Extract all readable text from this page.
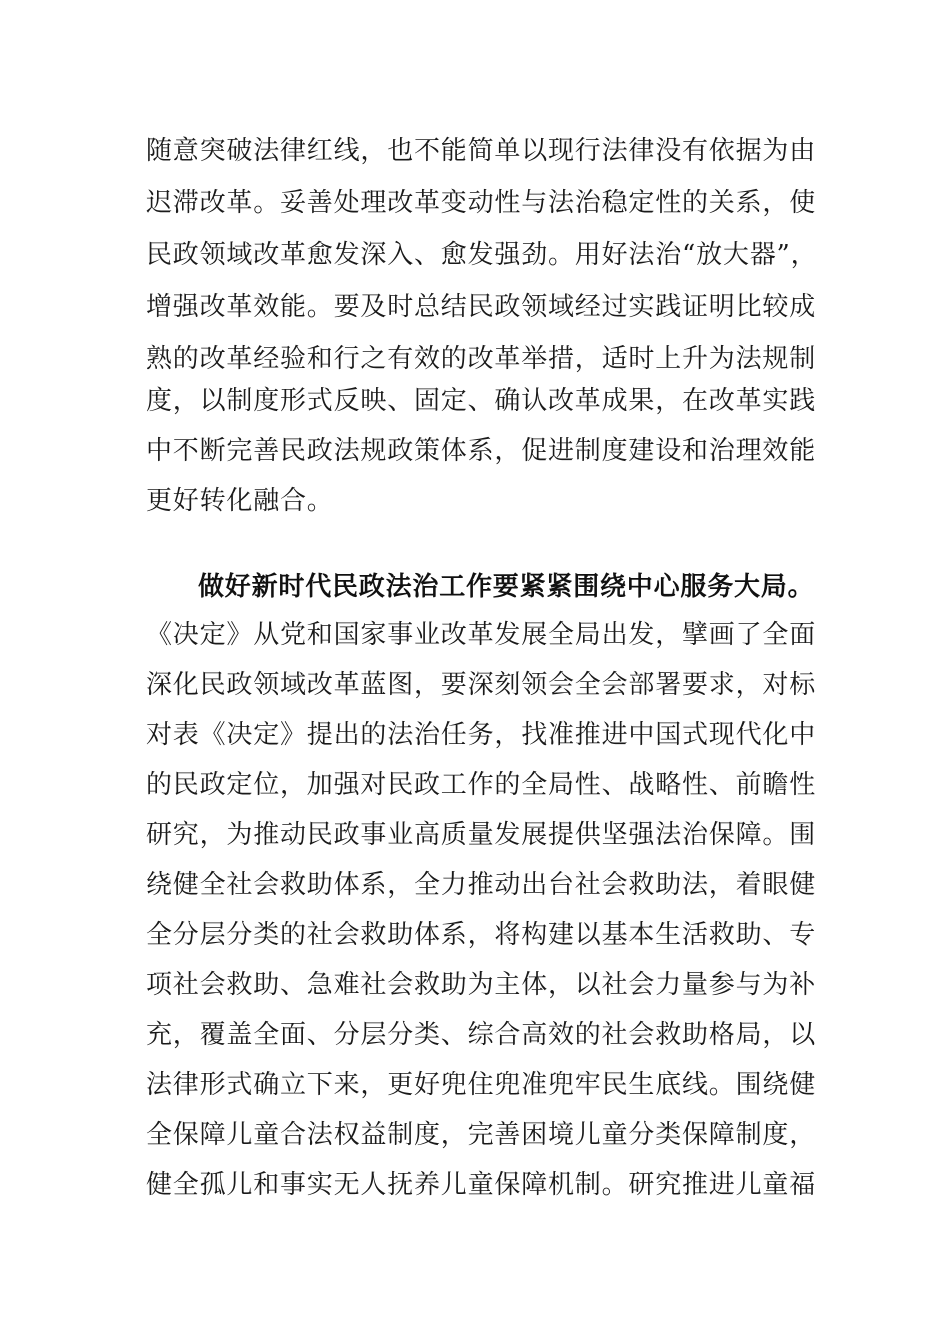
随意突破法律红线，也不能简单以现行法律没有依据为由
迟滞改革。妥善处理改革变动性与法治稳定性的关系，使
民政领域改革愈发深入、愈发强劲。用好法治“放大器”，
增强改革效能。要及时总结民政领域经过实践证明比较成
熟的改革经验和行之有效的改革举措，适时上升为法规制
度，以制度形式反映、固定、确认改革成果，在改革实践
中不断完善民政法规政策体系，促进制度建设和治理效能
更好转化融合。
做好新时代民政法治工作要紧紧围绕中心服务大局。
《决定》从党和国家事业改革发展全局出发，擘画了全面
深化民政领域改革蓝图，要深刻领会全会部署要求，对标
对表《决定》提出的法治任务，找准推进中国式现代化中
的民政定位，加强对民政工作的全局性、战略性、前瞻性
研究，为推动民政事业高质量发展提供坚强法治保障。围
绕健全社会救助体系，全力推动出台社会救助法，着眼健
全分层分类的社会救助体系，将构建以基本生活救助、专
项社会救助、急难社会救助为主体，以社会力量参与为补
充，覆盖全面、分层分类、综合高效的社会救助格局，以
法律形式确立下来，更好兜住兜准兜牢民生底线。围绕健
全保障儿童合法权益制度，完善困境儿童分类保障制度，
健全孤儿和事实无人抚养儿童保障机制。研究推进儿童福
